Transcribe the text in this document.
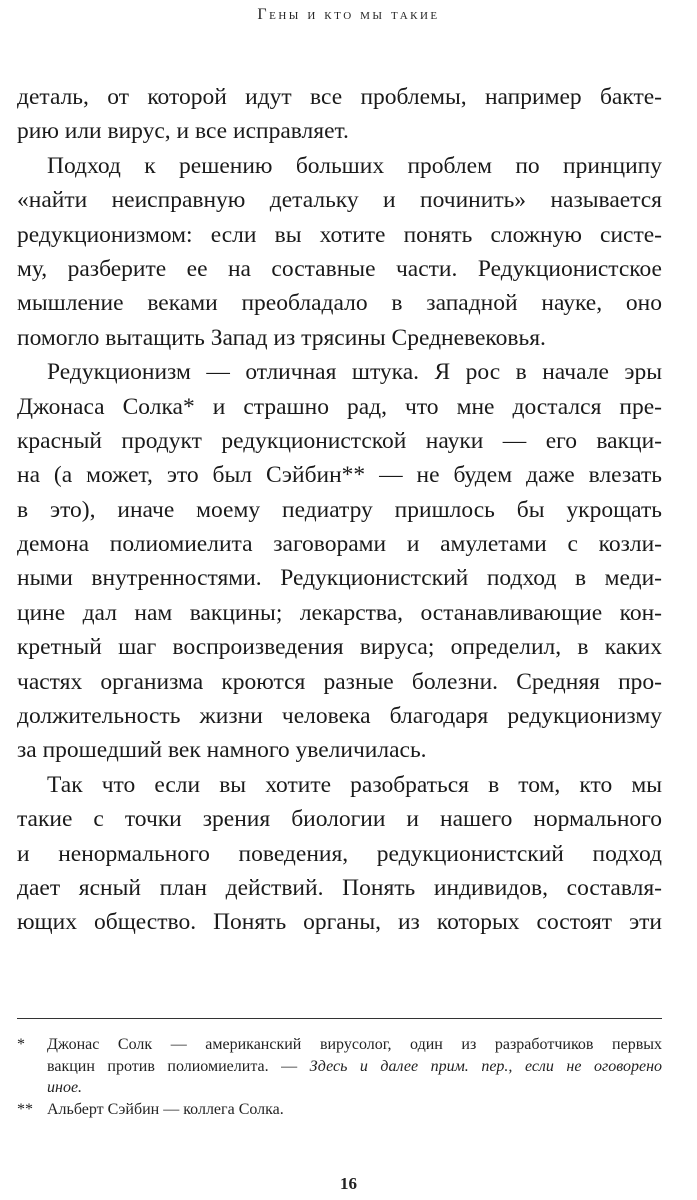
Гены и кто мы такие
деталь, от которой идут все проблемы, например бакте-
рию или вирус, и все исправляет.
Подход к решению больших проблем по принципу
«найти неисправную детальку и починить» называется
редукционизмом: если вы хотите понять сложную систе-
му, разберите ее на составные части. Редукционистское
мышление веками преобладало в западной науке, оно
помогло вытащить Запад из трясины Средневековья.
Редукционизм — отличная штука. Я рос в начале эры
Джонаса Солка* и страшно рад, что мне достался пре-
красный продукт редукционистской науки — его вакци-
на (а может, это был Сэйбин** — не будем даже влезать
в это), иначе моему педиатру пришлось бы укрощать
демона полиомиелита заговорами и амулетами с козли-
ными внутренностями. Редукционистский подход в меди-
цине дал нам вакцины; лекарства, останавливающие кон-
кретный шаг воспроизведения вируса; определил, в каких
частях организма кроются разные болезни. Средняя про-
должительность жизни человека благодаря редукционизму
за прошедший век намного увеличилась.
Так что если вы хотите разобраться в том, кто мы
такие с точки зрения биологии и нашего нормального
и ненормального поведения, редукционистский подход
дает ясный план действий. Понять индивидов, составля-
ющих общество. Понять органы, из которых состоят эти
*	Джонас Солк — американский вирусолог, один из разработчиков первых
вакцин против полиомиелита. — Здесь и далее прим. пер., если не оговорено
иное.
** Альберт Сэйбин — коллега Солка.
16
